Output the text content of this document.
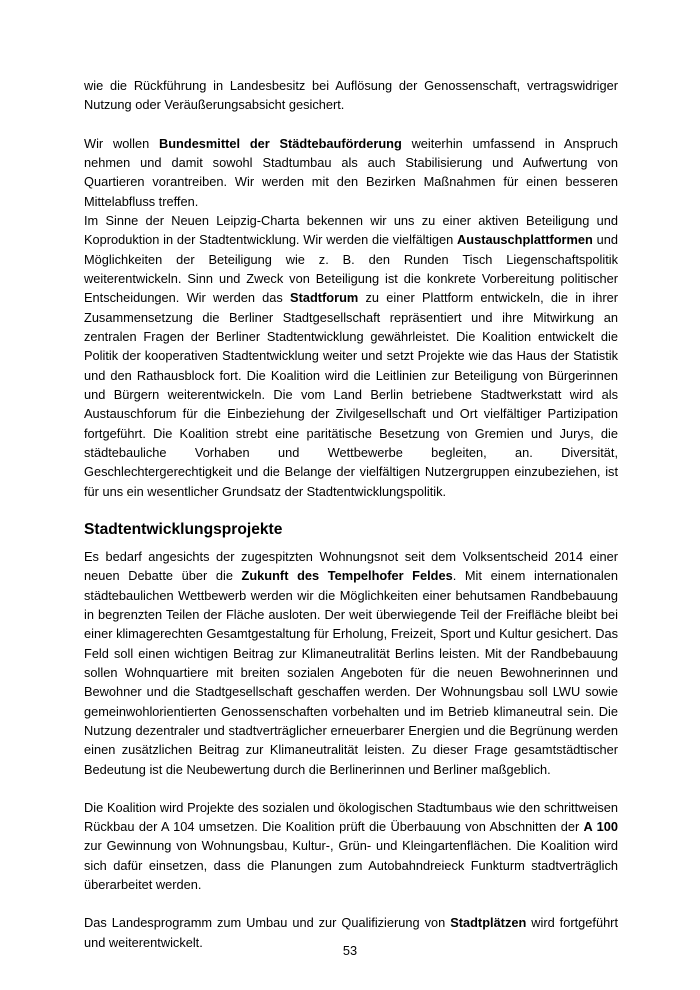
wie die Rückführung in Landesbesitz bei Auflösung der Genossenschaft, vertragswidriger Nutzung oder Veräußerungsabsicht gesichert.

Wir wollen Bundesmittel der Städtebauförderung weiterhin umfassend in Anspruch nehmen und damit sowohl Stadtumbau als auch Stabilisierung und Aufwertung von Quartieren vorantreiben. Wir werden mit den Bezirken Maßnahmen für einen besseren Mittelabfluss treffen.

Im Sinne der Neuen Leipzig-Charta bekennen wir uns zu einer aktiven Beteiligung und Koproduktion in der Stadtentwicklung. Wir werden die vielfältigen Austauschplattformen und Möglichkeiten der Beteiligung wie z. B. den Runden Tisch Liegenschaftspolitik weiterentwickeln. Sinn und Zweck von Beteiligung ist die konkrete Vorbereitung politischer Entscheidungen. Wir werden das Stadtforum zu einer Plattform entwickeln, die in ihrer Zusammensetzung die Berliner Stadtgesellschaft repräsentiert und ihre Mitwirkung an zentralen Fragen der Berliner Stadtentwicklung gewährleistet. Die Koalition entwickelt die Politik der kooperativen Stadtentwicklung weiter und setzt Projekte wie das Haus der Statistik und den Rathausblock fort. Die Koalition wird die Leitlinien zur Beteiligung von Bürgerinnen und Bürgern weiterentwickeln. Die vom Land Berlin betriebene Stadtwerkstatt wird als Austauschforum für die Einbeziehung der Zivilgesellschaft und Ort vielfältiger Partizipation fortgeführt. Die Koalition strebt eine paritätische Besetzung von Gremien und Jurys, die städtebauliche Vorhaben und Wettbewerbe begleiten, an. Diversität, Geschlechtergerechtigkeit und die Belange der vielfältigen Nutzergruppen einzubeziehen, ist für uns ein wesentlicher Grundsatz der Stadtentwicklungspolitik.

Stadtentwicklungsprojekte

Es bedarf angesichts der zugespitzten Wohnungsnot seit dem Volksentscheid 2014 einer neuen Debatte über die Zukunft des Tempelhofer Feldes. Mit einem internationalen städtebaulichen Wettbewerb werden wir die Möglichkeiten einer behutsamen Randbebauung in begrenzten Teilen der Fläche ausloten. Der weit überwiegende Teil der Freifläche bleibt bei einer klimagerechten Gesamtgestaltung für Erholung, Freizeit, Sport und Kultur gesichert. Das Feld soll einen wichtigen Beitrag zur Klimaneutralität Berlins leisten. Mit der Randbebauung sollen Wohnquartiere mit breiten sozialen Angeboten für die neuen Bewohnerinnen und Bewohner und die Stadtgesellschaft geschaffen werden. Der Wohnungsbau soll LWU sowie gemeinwohlorientierten Genossenschaften vorbehalten und im Betrieb klimaneutral sein. Die Nutzung dezentraler und stadtverträglicher erneuerbarer Energien und die Begrünung werden einen zusätzlichen Beitrag zur Klimaneutralität leisten. Zu dieser Frage gesamtstädtischer Bedeutung ist die Neubewertung durch die Berlinerinnen und Berliner maßgeblich.

Die Koalition wird Projekte des sozialen und ökologischen Stadtumbaus wie den schrittweisen Rückbau der A 104 umsetzen. Die Koalition prüft die Überbauung von Abschnitten der A 100 zur Gewinnung von Wohnungsbau, Kultur-, Grün- und Kleingartenflächen. Die Koalition wird sich dafür einsetzen, dass die Planungen zum Autobahndreieck Funkturm stadtverträglich überarbeitet werden.

Das Landesprogramm zum Umbau und zur Qualifizierung von Stadtplätzen wird fortgeführt und weiterentwickelt.

53
